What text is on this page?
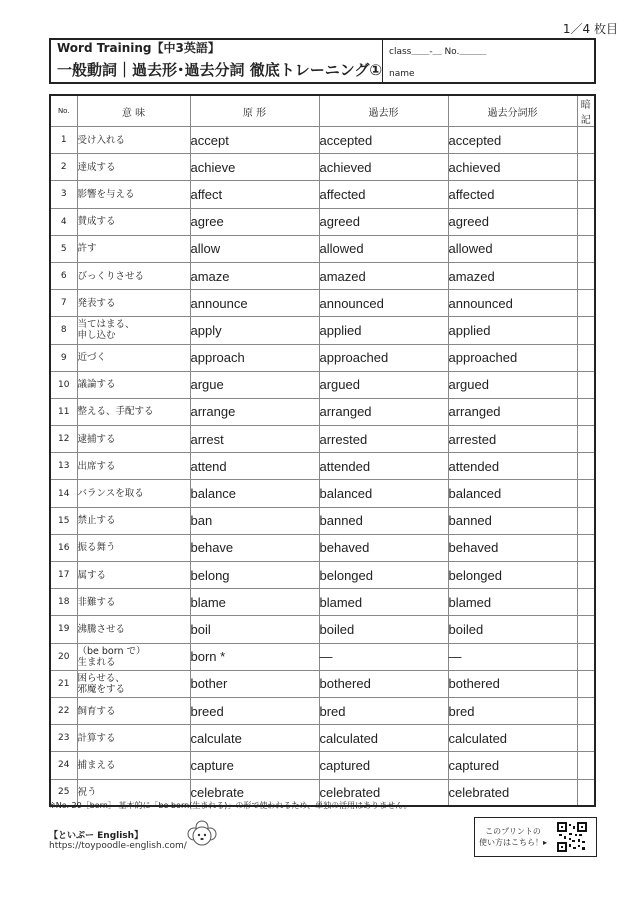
1／4 枚目
Word Training【中3英語】
一般動詞｜過去形･過去分詞 徹底トレーニング①
class＿＿-＿ No.＿＿＿
name
No.	意 味	原 形	過去形	過去分詞形	暗記
1	受け入れる	accept	accepted	accepted	
2	達成する	achieve	achieved	achieved	
3	影響を与える	affect	affected	affected	
4	賛成する	agree	agreed	agreed	
5	許す	allow	allowed	allowed	
6	びっくりさせる	amaze	amazed	amazed	
7	発表する	announce	announced	announced	
8	当てはまる、
申し込む	apply	applied	applied	
9	近づく	approach	approached	approached	
10	議論する	argue	argued	argued	
11	整える、手配する	arrange	arranged	arranged	
12	逮捕する	arrest	arrested	arrested	
13	出席する	attend	attended	attended	
14	バランスを取る	balance	balanced	balanced	
15	禁止する	ban	banned	banned	
16	振る舞う	behave	behaved	behaved	
17	属する	belong	belonged	belonged	
18	非難する	blame	blamed	blamed	
19	沸騰させる	boil	boiled	boiled	
20	（be born で）
生まれる	born *	—	—	
21	困らせる、
邪魔をする	bother	bothered	bothered	
22	飼育する	breed	bred	bred	
23	計算する	calculate	calculated	calculated	
24	捕まえる	capture	captured	captured	
25	祝う	celebrate	celebrated	celebrated	
※No. 20［born］ 基本的に「be born(生まれる)」の形で使われるため、単独の活用はありません。
【といぷー English】
https://toypoodle-english.com/
このプリントの
使い方はこちら！▸
